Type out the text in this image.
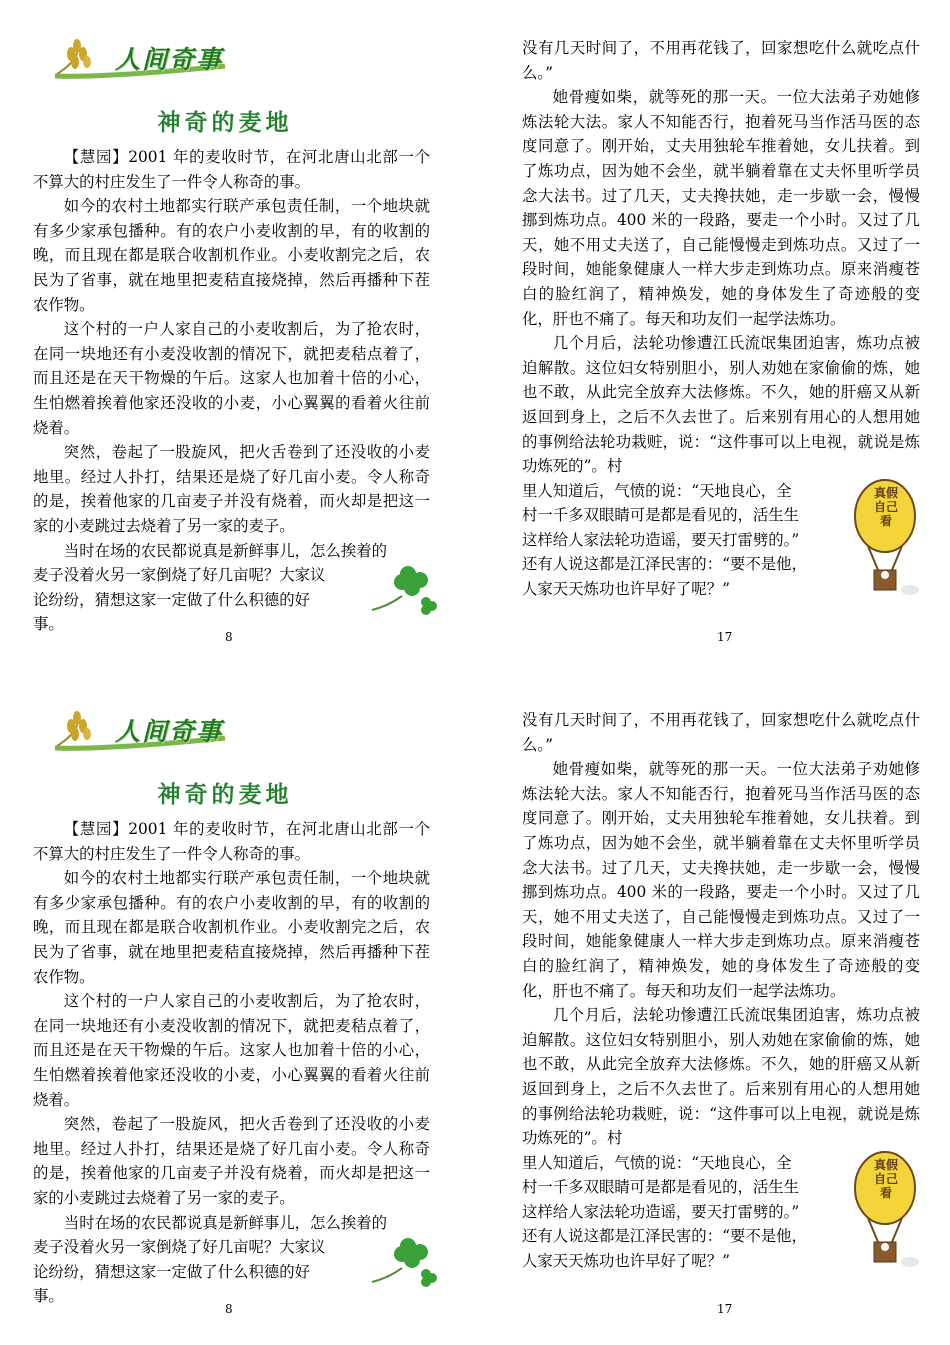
人间奇事
神奇的麦地

【慧园】2001 年的麦收时节，在河北唐山北部一个不算大的村庄发生了一件令人称奇的事。

如今的农村土地都实行联产承包责任制，一个地块就有多少家承包播种。有的农户小麦收割的早，有的收割的晚，而且现在都是联合收割机作业。小麦收割完之后，农民为了省事，就在地里把麦秸直接烧掉，然后再播种下茬农作物。

这个村的一户人家自己的小麦收割后，为了抢农时，在同一块地还有小麦没收割的情况下，就把麦秸点着了，而且还是在天干物燥的午后。这家人也加着十倍的小心，生怕燃着挨着他家还没收的小麦，小心翼翼的看着火往前烧着。

突然，卷起了一股旋风，把火舌卷到了还没收的小麦地里。经过人扑打，结果还是烧了好几亩小麦。令人称奇的是，挨着他家的几亩麦子并没有烧着，而火却是把这一家的小麦跳过去烧着了另一家的麦子。

当时在场的农民都说真是新鲜事儿，怎么挨着的

麦子没着火另一家倒烧了好几亩呢？大家议

论纷纷，猜想这家一定做了什么积德的好

事。

没有几天时间了，不用再花钱了，回家想吃什么就吃点什么。”

她骨瘦如柴，就等死的那一天。一位大法弟子劝她修炼法轮大法。家人不知能否行，抱着死马当作活马医的态度同意了。刚开始，丈夫用独轮车推着她，女儿扶着。到了炼功点，因为她不会坐，就半躺着靠在丈夫怀里听学员念大法书。过了几天，丈夫搀扶她，走一步歇一会，慢慢挪到炼功点。400 米的一段路，要走一个小时。又过了几天，她不用丈夫送了，自己能慢慢走到炼功点。又过了一段时间，她能象健康人一样大步走到炼功点。原来消瘦苍白的脸红润了，精神焕发，她的身体发生了奇迹般的变化，肝也不痛了。每天和功友们一起学法炼功。

几个月后，法轮功惨遭江氏流氓集团迫害，炼功点被迫解散。这位妇女特别胆小，别人劝她在家偷偷的炼，她也不敢，从此完全放弃大法修炼。不久，她的肝癌又从新返回到身上，之后不久去世了。后来别有用心的人想用她的事例给法轮功栽赃，说：“这件事可以上电视，就说是炼功炼死的”。村

里人知道后，气愤的说：“天地良心，全

村一千多双眼睛可是都是看见的，活生生

这样给人家法轮功造谣，要天打雷劈的。”

还有人说这都是江泽民害的：“要不是他，

人家天天炼功也许早好了呢？”

真假自己看
8	17
人间奇事
神奇的麦地

【慧园】2001 年的麦收时节，在河北唐山北部一个不算大的村庄发生了一件令人称奇的事。

如今的农村土地都实行联产承包责任制，一个地块就有多少家承包播种。有的农户小麦收割的早，有的收割的晚，而且现在都是联合收割机作业。小麦收割完之后，农民为了省事，就在地里把麦秸直接烧掉，然后再播种下茬农作物。

这个村的一户人家自己的小麦收割后，为了抢农时，在同一块地还有小麦没收割的情况下，就把麦秸点着了，而且还是在天干物燥的午后。这家人也加着十倍的小心，生怕燃着挨着他家还没收的小麦，小心翼翼的看着火往前烧着。

突然，卷起了一股旋风，把火舌卷到了还没收的小麦地里。经过人扑打，结果还是烧了好几亩小麦。令人称奇的是，挨着他家的几亩麦子并没有烧着，而火却是把这一家的小麦跳过去烧着了另一家的麦子。

当时在场的农民都说真是新鲜事儿，怎么挨着的

麦子没着火另一家倒烧了好几亩呢？大家议

论纷纷，猜想这家一定做了什么积德的好

事。

没有几天时间了，不用再花钱了，回家想吃什么就吃点什么。”

她骨瘦如柴，就等死的那一天。一位大法弟子劝她修炼法轮大法。家人不知能否行，抱着死马当作活马医的态度同意了。刚开始，丈夫用独轮车推着她，女儿扶着。到了炼功点，因为她不会坐，就半躺着靠在丈夫怀里听学员念大法书。过了几天，丈夫搀扶她，走一步歇一会，慢慢挪到炼功点。400 米的一段路，要走一个小时。又过了几天，她不用丈夫送了，自己能慢慢走到炼功点。又过了一段时间，她能象健康人一样大步走到炼功点。原来消瘦苍白的脸红润了，精神焕发，她的身体发生了奇迹般的变化，肝也不痛了。每天和功友们一起学法炼功。

几个月后，法轮功惨遭江氏流氓集团迫害，炼功点被迫解散。这位妇女特别胆小，别人劝她在家偷偷的炼，她也不敢，从此完全放弃大法修炼。不久，她的肝癌又从新返回到身上，之后不久去世了。后来别有用心的人想用她的事例给法轮功栽赃，说：“这件事可以上电视，就说是炼功炼死的”。村

里人知道后，气愤的说：“天地良心，全

村一千多双眼睛可是都是看见的，活生生

这样给人家法轮功造谣，要天打雷劈的。”

还有人说这都是江泽民害的：“要不是他，

人家天天炼功也许早好了呢？”

真假自己看
8	17
